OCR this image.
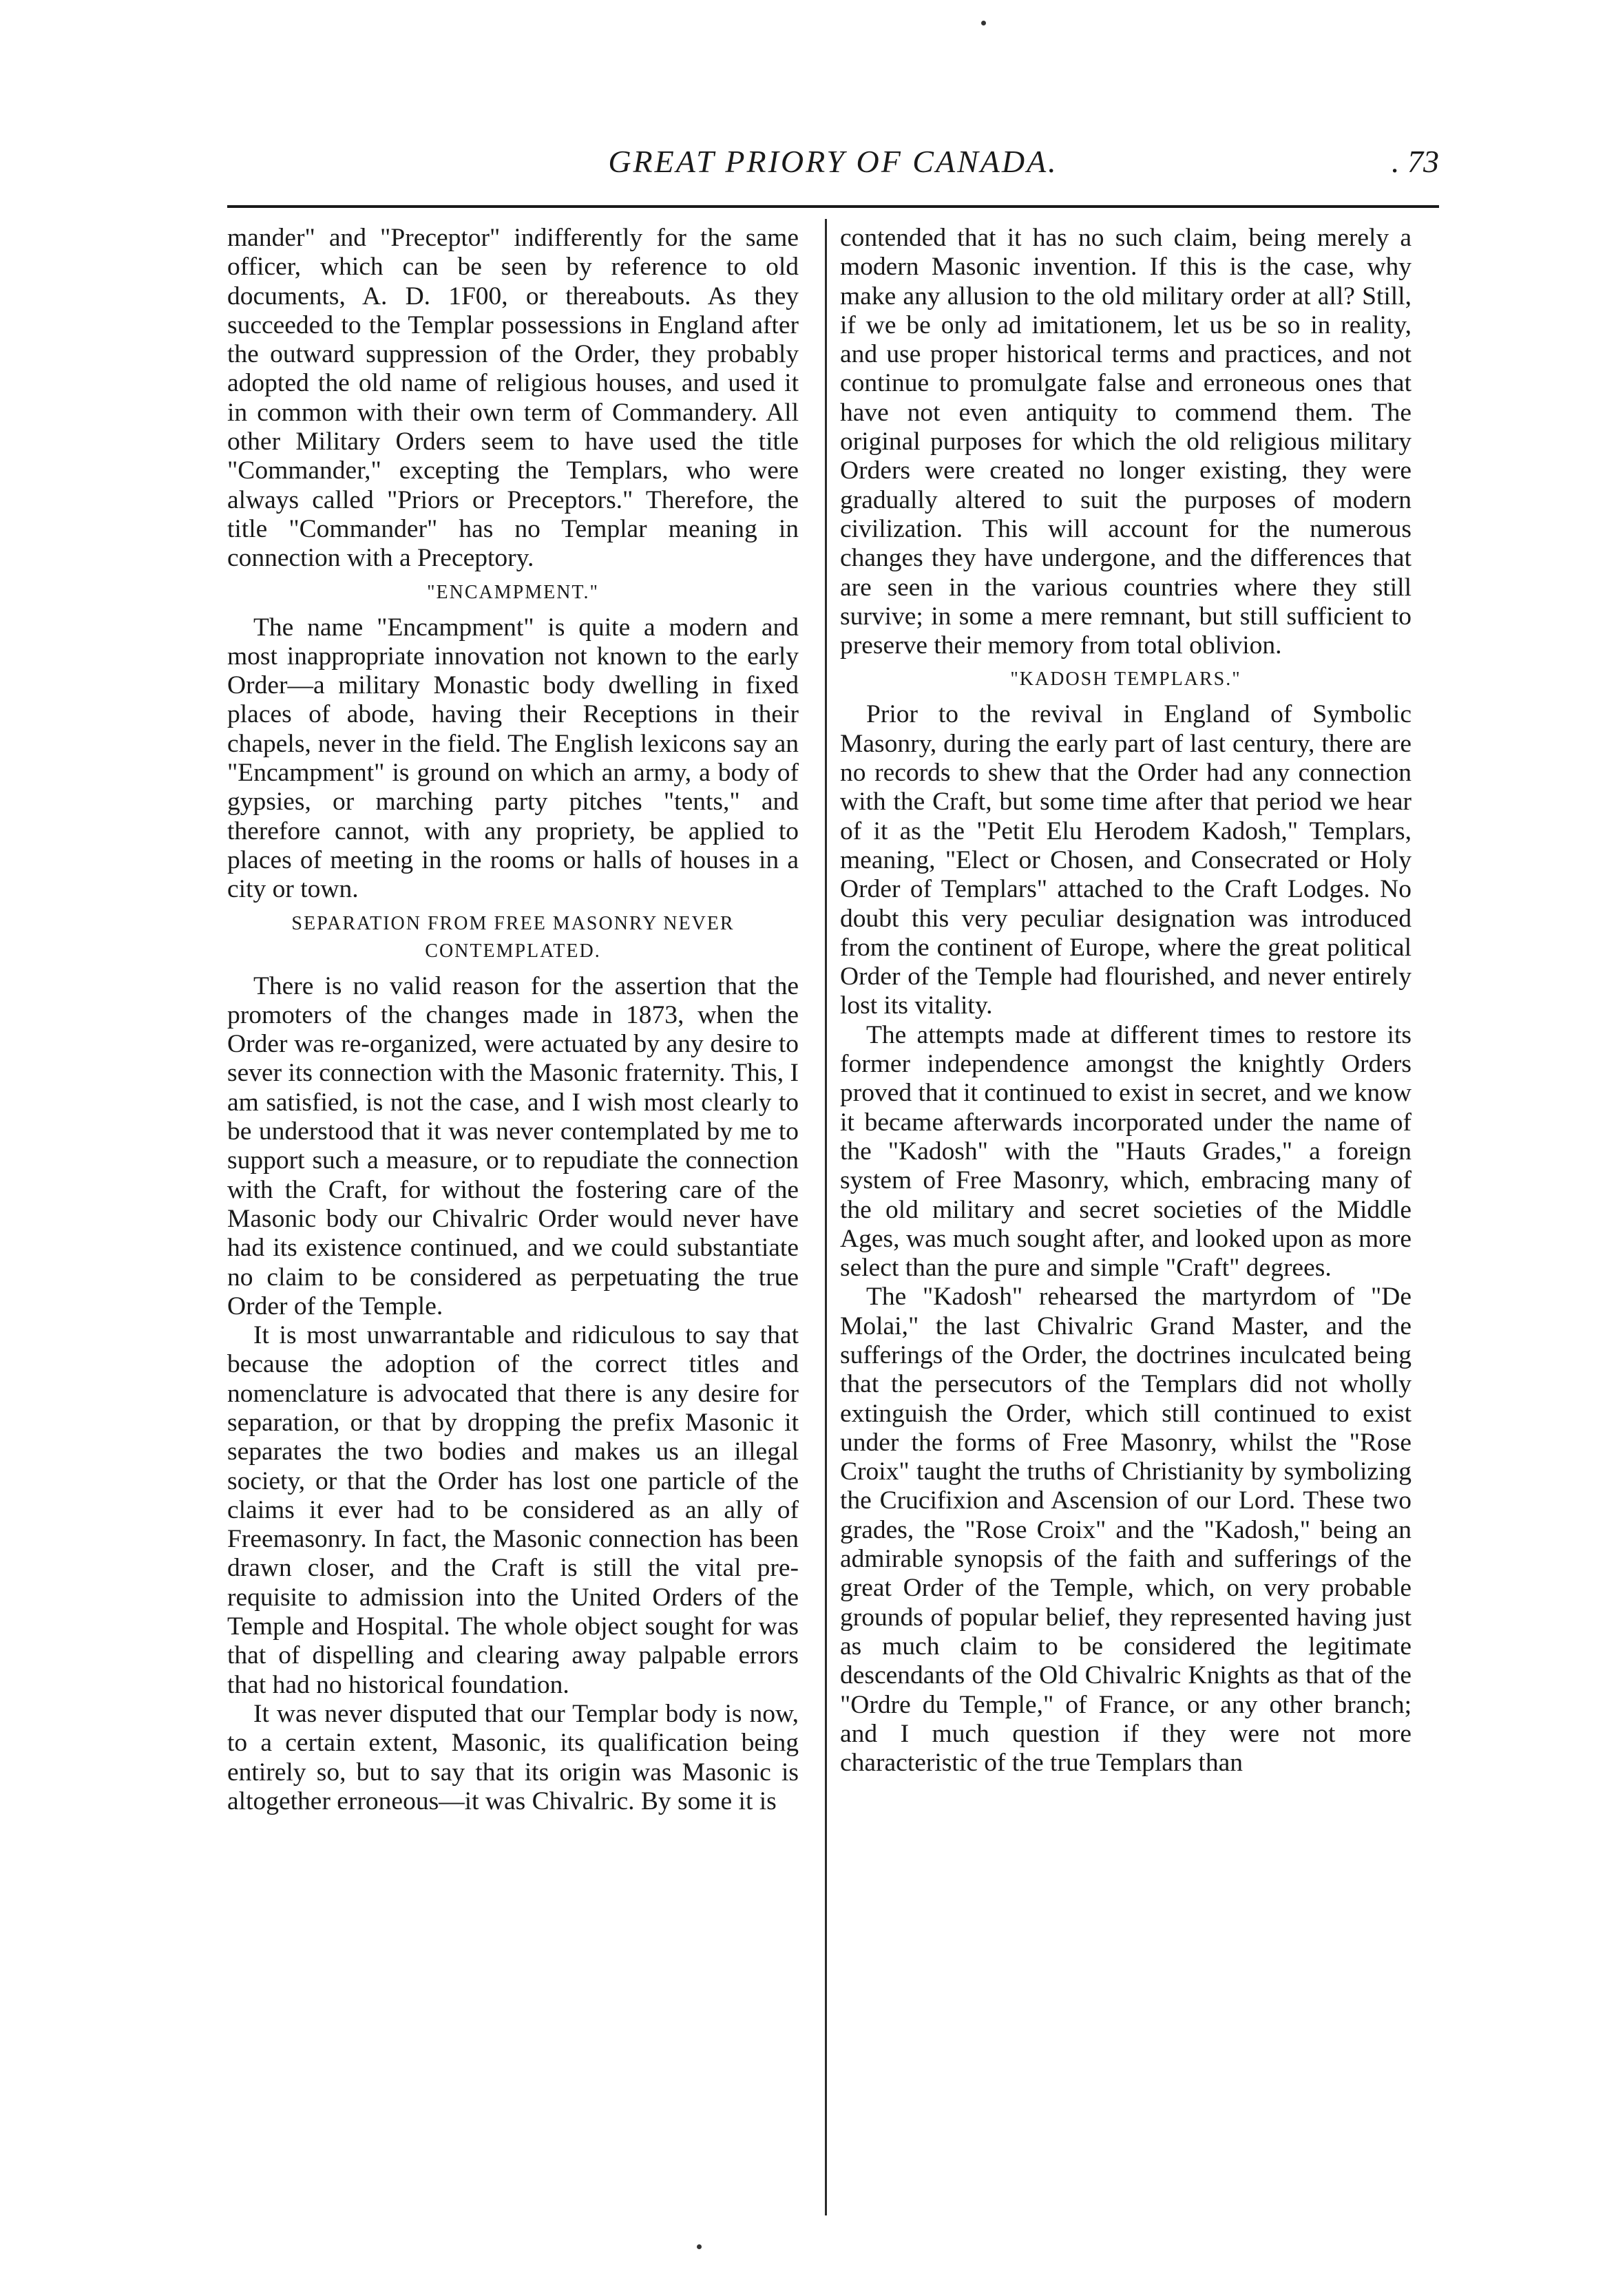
GREAT PRIORY OF CANADA.	. 73

mander" and "Preceptor" indifferently for the same officer, which can be seen by reference to old documents, A. D. 1F00, or thereabouts. As they succeeded to the Templar possessions in England after the outward suppression of the Order, they probably adopted the old name of religious houses, and used it in common with their own term of Commandery. All other Military Orders seem to have used the title "Commander," excepting the Templars, who were always called "Priors or Preceptors." Therefore, the title "Commander" has no Templar meaning in connection with a Preceptory.

"ENCAMPMENT."

The name "Encampment" is quite a modern and most inappropriate innovation not known to the early Order—a military Monastic body dwelling in fixed places of abode, having their Receptions in their chapels, never in the field. The English lexicons say an "Encampment" is ground on which an army, a body of gypsies, or marching party pitches "tents," and therefore cannot, with any propriety, be applied to places of meeting in the rooms or halls of houses in a city or town.

SEPARATION FROM FREE MASONRY NEVER CONTEMPLATED.

There is no valid reason for the assertion that the promoters of the changes made in 1873, when the Order was re-organized, were actuated by any desire to sever its connection with the Masonic fraternity. This, I am satisfied, is not the case, and I wish most clearly to be understood that it was never contemplated by me to support such a measure, or to repudiate the connection with the Craft, for without the fostering care of the Masonic body our Chivalric Order would never have had its existence continued, and we could substantiate no claim to be considered as perpetuating the true Order of the Temple.

It is most unwarrantable and ridiculous to say that because the adoption of the correct titles and nomenclature is advocated that there is any desire for separation, or that by dropping the prefix Masonic it separates the two bodies and makes us an illegal society, or that the Order has lost one particle of the claims it ever had to be considered as an ally of Freemasonry. In fact, the Masonic connection has been drawn closer, and the Craft is still the vital pre-requisite to admission into the United Orders of the Temple and Hospital. The whole object sought for was that of dispelling and clearing away palpable errors that had no historical foundation.

It was never disputed that our Templar body is now, to a certain extent, Masonic, its qualification being entirely so, but to say that its origin was Masonic is altogether erroneous—it was Chivalric. By some it is

contended that it has no such claim, being merely a modern Masonic invention. If this is the case, why make any allusion to the old military order at all? Still, if we be only ad imitationem, let us be so in reality, and use proper historical terms and practices, and not continue to promulgate false and erroneous ones that have not even antiquity to commend them. The original purposes for which the old religious military Orders were created no longer existing, they were gradually altered to suit the purposes of modern civilization. This will account for the numerous changes they have undergone, and the differences that are seen in the various countries where they still survive; in some a mere remnant, but still sufficient to preserve their memory from total oblivion.

"KADOSH TEMPLARS."

Prior to the revival in England of Symbolic Masonry, during the early part of last century, there are no records to shew that the Order had any connection with the Craft, but some time after that period we hear of it as the "Petit Elu Herodem Kadosh," Templars, meaning, "Elect or Chosen, and Consecrated or Holy Order of Templars" attached to the Craft Lodges. No doubt this very peculiar designation was introduced from the continent of Europe, where the great political Order of the Temple had flourished, and never entirely lost its vitality.

The attempts made at different times to restore its former independence amongst the knightly Orders proved that it continued to exist in secret, and we know it became afterwards incorporated under the name of the "Kadosh" with the "Hauts Grades," a foreign system of Free Masonry, which, embracing many of the old military and secret societies of the Middle Ages, was much sought after, and looked upon as more select than the pure and simple "Craft" degrees.

The "Kadosh" rehearsed the martyrdom of "De Molai," the last Chivalric Grand Master, and the sufferings of the Order, the doctrines inculcated being that the persecutors of the Templars did not wholly extinguish the Order, which still continued to exist under the forms of Free Masonry, whilst the "Rose Croix" taught the truths of Christianity by symbolizing the Crucifixion and Ascension of our Lord. These two grades, the "Rose Croix" and the "Kadosh," being an admirable synopsis of the faith and sufferings of the great Order of the Temple, which, on very probable grounds of popular belief, they represented having just as much claim to be considered the legitimate descendants of the Old Chivalric Knights as that of the "Ordre du Temple," of France, or any other branch; and I much question if they were not more characteristic of the true Templars than
